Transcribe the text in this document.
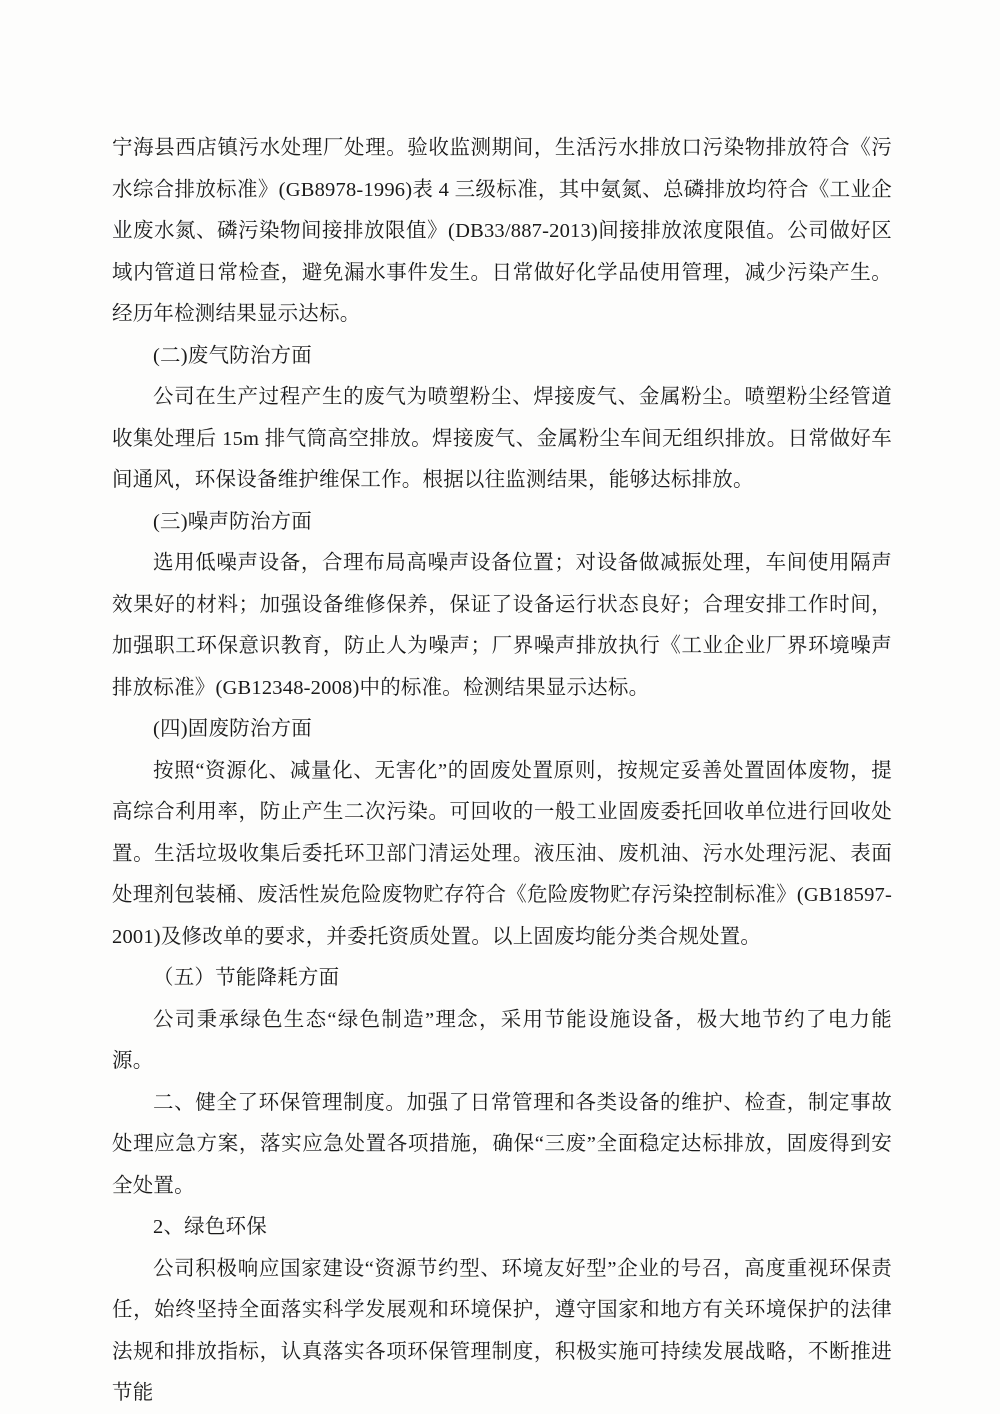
宁海县西店镇污水处理厂处理。验收监测期间，生活污水排放口污染物排放符合《污水综合排放标准》(GB8978-1996)表 4 三级标准，其中氨氮、总磷排放均符合《工业企业废水氮、磷污染物间接排放限值》(DB33/887-2013)间接排放浓度限值。公司做好区域内管道日常检查，避免漏水事件发生。日常做好化学品使用管理，减少污染产生。经历年检测结果显示达标。

(二)废气防治方面

公司在生产过程产生的废气为喷塑粉尘、焊接废气、金属粉尘。喷塑粉尘经管道收集处理后 15m 排气筒高空排放。焊接废气、金属粉尘车间无组织排放。日常做好车间通风，环保设备维护维保工作。根据以往监测结果，能够达标排放。

(三)噪声防治方面

选用低噪声设备，合理布局高噪声设备位置；对设备做减振处理，车间使用隔声效果好的材料；加强设备维修保养，保证了设备运行状态良好；合理安排工作时间，加强职工环保意识教育，防止人为噪声；厂界噪声排放执行《工业企业厂界环境噪声排放标准》(GB12348-2008)中的标准。检测结果显示达标。

(四)固废防治方面

按照“资源化、减量化、无害化”的固废处置原则，按规定妥善处置固体废物，提高综合利用率，防止产生二次污染。可回收的一般工业固废委托回收单位进行回收处置。生活垃圾收集后委托环卫部门清运处理。液压油、废机油、污水处理污泥、表面处理剂包装桶、废活性炭危险废物贮存符合《危险废物贮存污染控制标准》(GB18597-2001)及修改单的要求，并委托资质处置。以上固废均能分类合规处置。

（五）节能降耗方面

公司秉承绿色生态“绿色制造”理念，采用节能设施设备，极大地节约了电力能源。

二、健全了环保管理制度。加强了日常管理和各类设备的维护、检查，制定事故处理应急方案，落实应急处置各项措施，确保“三废”全面稳定达标排放，固废得到安全处置。

2、绿色环保

公司积极响应国家建设“资源节约型、环境友好型”企业的号召，高度重视环保责任，始终坚持全面落实科学发展观和环境保护，遵守国家和地方有关环境保护的法律法规和排放指标，认真落实各项环保管理制度，积极实施可持续发展战略，不断推进节能
